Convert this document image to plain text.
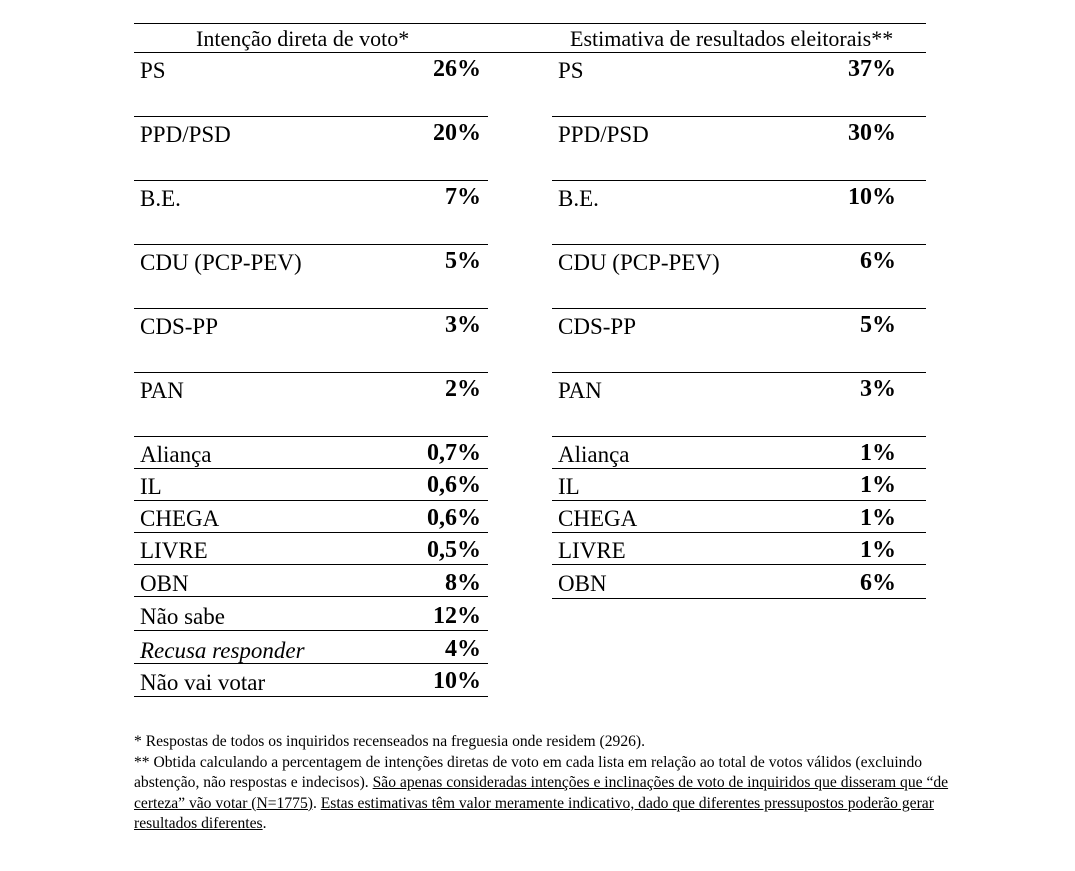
Intenção direta de voto*	Estimativa de resultados eleitorais**
PS	26%
PPD/PSD	20%
B.E.	7%
CDU (PCP-PEV)	5%
CDS-PP	3%
PAN	2%
Aliança	0,7%
IL	0,6%
CHEGA	0,6%
LIVRE	0,5%
OBN	8%
Não sabe	12%
Recusa responder	4%
Não vai votar	10%
PS	37%
PPD/PSD	30%
B.E.	10%
CDU (PCP-PEV)	6%
CDS-PP	5%
PAN	3%
Aliança	1%
IL	1%
CHEGA	1%
LIVRE	1%
OBN	6%

* Respostas de todos os inquiridos recenseados na freguesia onde residem (2926).

** Obtida calculando a percentagem de intenções diretas de voto em cada lista em relação ao total de votos válidos (excluindo abstenção, não respostas e indecisos). São apenas consideradas intenções e inclinações de voto de inquiridos que disseram que “de certeza” vão votar (N=1775). Estas estimativas têm valor meramente indicativo, dado que diferentes pressupostos poderão gerar resultados diferentes.
